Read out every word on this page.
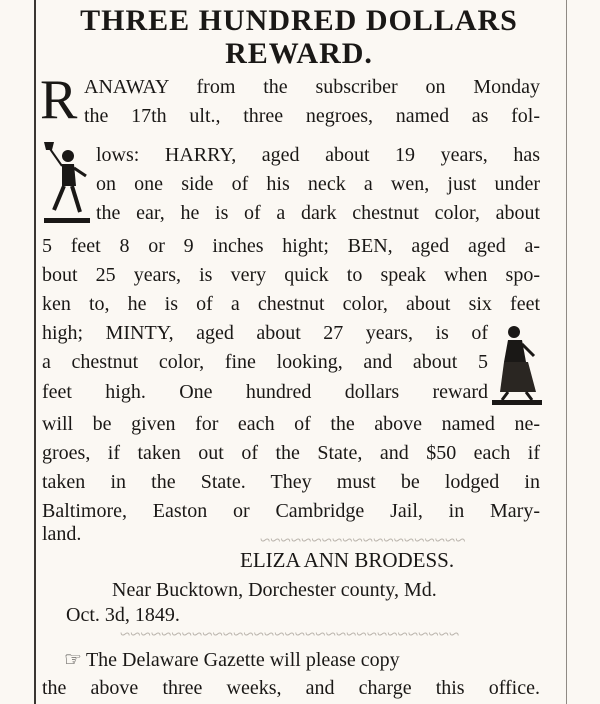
THREE HUNDRED DOLLARS
REWARD.
R ANAWAY from the subscriber on Monday
the 17th ult., three negroes, named as fol-
lows: HARRY, aged about 19 years, has
on one side of his neck a wen, just under
the ear, he is of a dark chestnut color, about
5 feet 8 or 9 inches hight; BEN, aged aged a-
bout 25 years, is very quick to speak when spo-
ken to, he is of a chestnut color, about six feet
high; MINTY, aged about 27 years, is of
a chestnut color, fine looking, and about 5
feet high. One hundred dollars reward
will be given for each of the above named ne-
groes, if taken out of the State, and $50 each if
taken in the State. They must be lodged in
Baltimore, Easton or Cambridge Jail, in Mary-
land.	~~~~~~~~~~~~~~~~~~~~
~~~~~~~~~~~~~~~~~~~~~~~~~~~~~~~~~
ELIZA ANN BRODESS.
Near Bucktown, Dorchester county, Md.
Oct. 3d, 1849.
☞ The Delaware Gazette will please copy
the above three weeks, and charge this office.
